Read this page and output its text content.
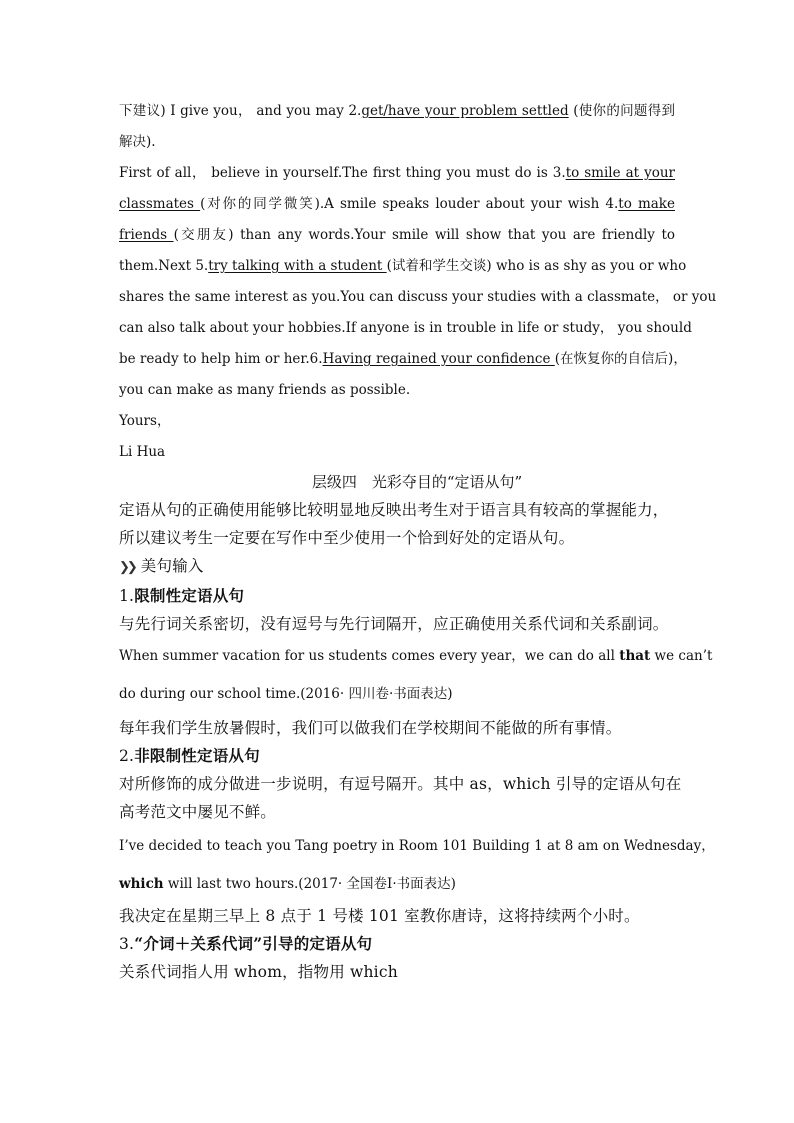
下建议) I give you， and you may 2.get/have your problem settled (使你的问题得到
解决).
First of all， believe in yourself.The first thing you must do is 3.to smile at your
classmates (对你的同学微笑).A smile speaks louder about your wish 4.to make
friends (交朋友) than any words.Your smile will show that you are friendly to
them.Next 5.try talking with a student (试着和学生交谈) who is as shy as you or who
shares the same interest as you.You can discuss your studies with a classmate， or you
can also talk about your hobbies.If anyone is in trouble in life or study， you should
be ready to help him or her.6.Having regained your confidence (在恢复你的自信后)，
you can make as many friends as possible.
Yours，
Li Hua
层级四　光彩夺目的“定语从句”
定语从句的正确使用能够比较明显地反映出考生对于语言具有较高的掌握能力，
所以建议考生一定要在写作中至少使用一个恰到好处的定语从句。
❯❯ 美句输入
1.限制性定语从句
与先行词关系密切，没有逗号与先行词隔开，应正确使用关系代词和关系副词。
When summer vacation for us students comes every year，we can do all that we can’t
do during our school time.(2016· 四川卷·书面表达)
每年我们学生放暑假时，我们可以做我们在学校期间不能做的所有事情。
2.非限制性定语从句
对所修饰的成分做进一步说明，有逗号隔开。其中 as，which 引导的定语从句在
高考范文中屡见不鲜。
I’ve decided to teach you Tang poetry in Room 101 Building 1 at 8 am on Wednesday，
which will last two hours.(2017· 全国卷Ⅰ·书面表达)
我决定在星期三早上 8 点于 1 号楼 101 室教你唐诗，这将持续两个小时。
3.“介词＋关系代词”引导的定语从句
关系代词指人用 whom，指物用 which
